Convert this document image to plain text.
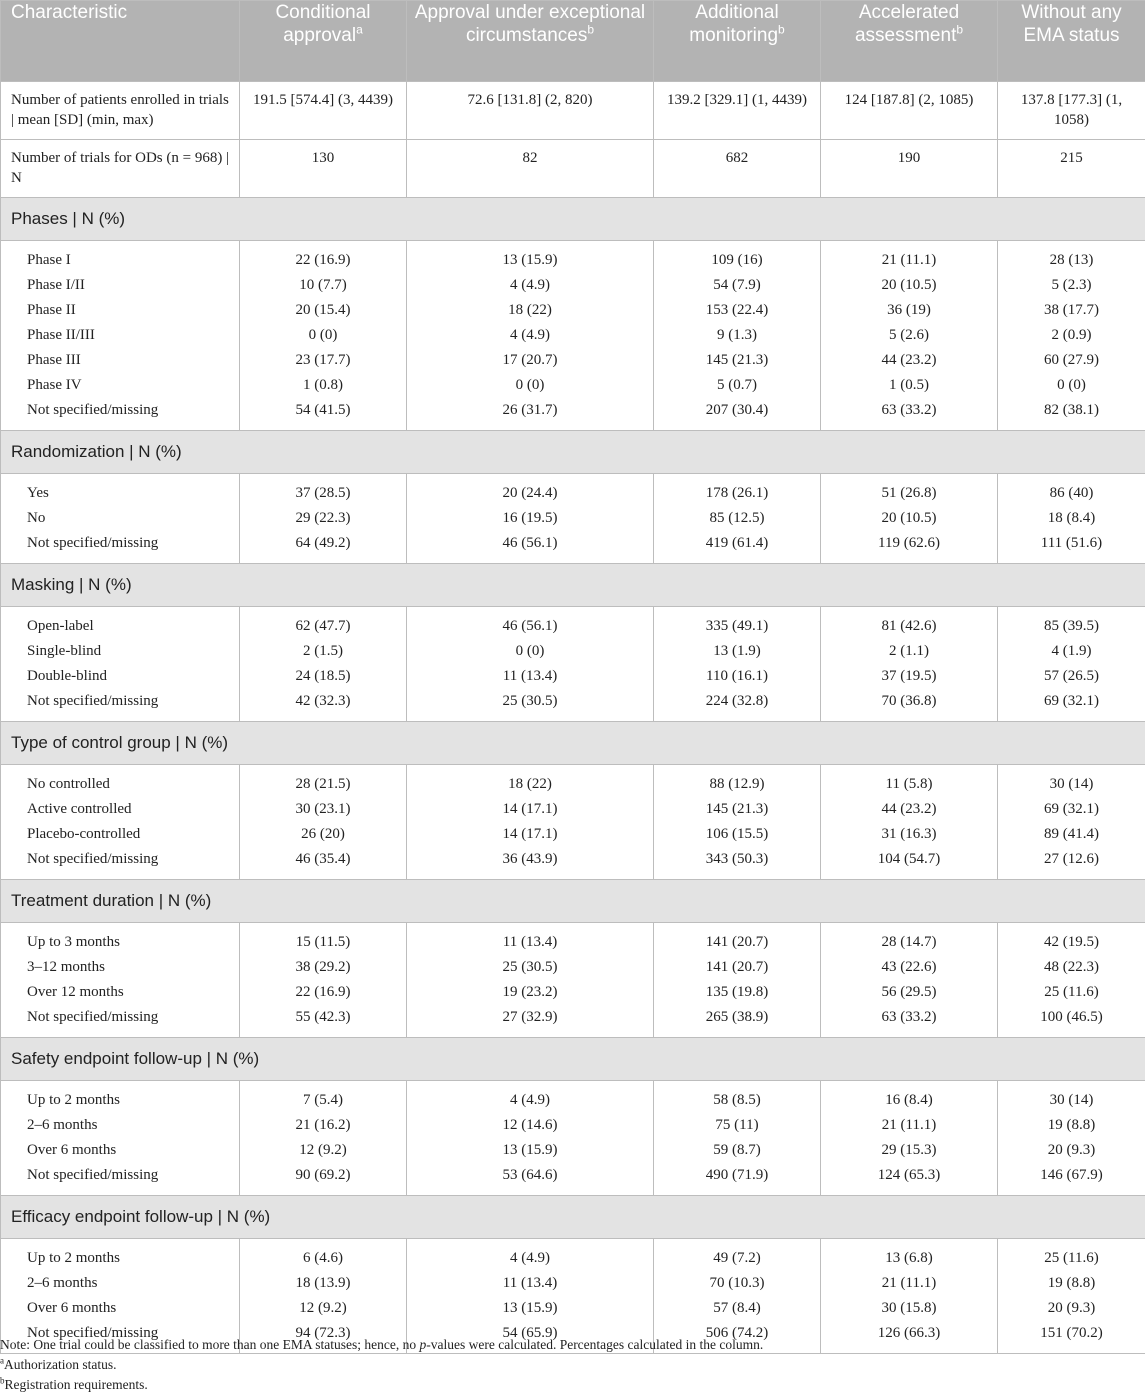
Characteristic	Conditional approval$^a$	Approval under exceptional circumstances$^b$	Additional monitoring$^b$	Accelerated assessment$^b$	Without any EMA status
Number of patients enrolled in trials | mean [SD] (min, max)	191.5 [574.4] (3, 4439)	72.6 [131.8] (2, 820)	139.2 [329.1] (1, 4439)	124 [187.8] (2, 1085)	137.8 [177.3] (1, 1058)
Number of trials for ODs (n = 968) | N	130	82	682	190	215
Phases | N (%)					
Phase I	22 (16.9)	13 (15.9)	109 (16)	21 (11.1)	28 (13)
Phase I/II	10 (7.7)	4 (4.9)	54 (7.9)	20 (10.5)	5 (2.3)
Phase II	20 (15.4)	18 (22)	153 (22.4)	36 (19)	38 (17.7)
Phase II/III	0 (0)	4 (4.9)	9 (1.3)	5 (2.6)	2 (0.9)
Phase III	23 (17.7)	17 (20.7)	145 (21.3)	44 (23.2)	60 (27.9)
Phase IV	1 (0.8)	0 (0)	5 (0.7)	1 (0.5)	0 (0)
Not specified/missing	54 (41.5)	26 (31.7)	207 (30.4)	63 (33.2)	82 (38.1)
Randomization | N (%)					
Yes	37 (28.5)	20 (24.4)	178 (26.1)	51 (26.8)	86 (40)
No	29 (22.3)	16 (19.5)	85 (12.5)	20 (10.5)	18 (8.4)
Not specified/missing	64 (49.2)	46 (56.1)	419 (61.4)	119 (62.6)	111 (51.6)
Masking | N (%)					
Open-label	62 (47.7)	46 (56.1)	335 (49.1)	81 (42.6)	85 (39.5)
Single-blind	2 (1.5)	0 (0)	13 (1.9)	2 (1.1)	4 (1.9)
Double-blind	24 (18.5)	11 (13.4)	110 (16.1)	37 (19.5)	57 (26.5)
Not specified/missing	42 (32.3)	25 (30.5)	224 (32.8)	70 (36.8)	69 (32.1)
Type of control group | N (%)					
No controlled	28 (21.5)	18 (22)	88 (12.9)	11 (5.8)	30 (14)
Active controlled	30 (23.1)	14 (17.1)	145 (21.3)	44 (23.2)	69 (32.1)
Placebo-controlled	26 (20)	14 (17.1)	106 (15.5)	31 (16.3)	89 (41.4)
Not specified/missing	46 (35.4)	36 (43.9)	343 (50.3)	104 (54.7)	27 (12.6)
Treatment duration | N (%)					
Up to 3 months	15 (11.5)	11 (13.4)	141 (20.7)	28 (14.7)	42 (19.5)
3–12 months	38 (29.2)	25 (30.5)	141 (20.7)	43 (22.6)	48 (22.3)
Over 12 months	22 (16.9)	19 (23.2)	135 (19.8)	56 (29.5)	25 (11.6)
Not specified/missing	55 (42.3)	27 (32.9)	265 (38.9)	63 (33.2)	100 (46.5)
Safety endpoint follow-up | N (%)					
Up to 2 months	7 (5.4)	4 (4.9)	58 (8.5)	16 (8.4)	30 (14)
2–6 months	21 (16.2)	12 (14.6)	75 (11)	21 (11.1)	19 (8.8)
Over 6 months	12 (9.2)	13 (15.9)	59 (8.7)	29 (15.3)	20 (9.3)
Not specified/missing	90 (69.2)	53 (64.6)	490 (71.9)	124 (65.3)	146 (67.9)
Efficacy endpoint follow-up | N (%)					
Up to 2 months	6 (4.6)	4 (4.9)	49 (7.2)	13 (6.8)	25 (11.6)
2–6 months	18 (13.9)	11 (13.4)	70 (10.3)	21 (11.1)	19 (8.8)
Over 6 months	12 (9.2)	13 (15.9)	57 (8.4)	30 (15.8)	20 (9.3)
Not specified/missing	94 (72.3)	54 (65.9)	506 (74.2)	126 (66.3)	151 (70.2)
Note: One trial could be classified to more than one EMA statuses; hence, no p-values were calculated. Percentages calculated in the column.
$^a$Authorization status.
$^b$Registration requirements.
